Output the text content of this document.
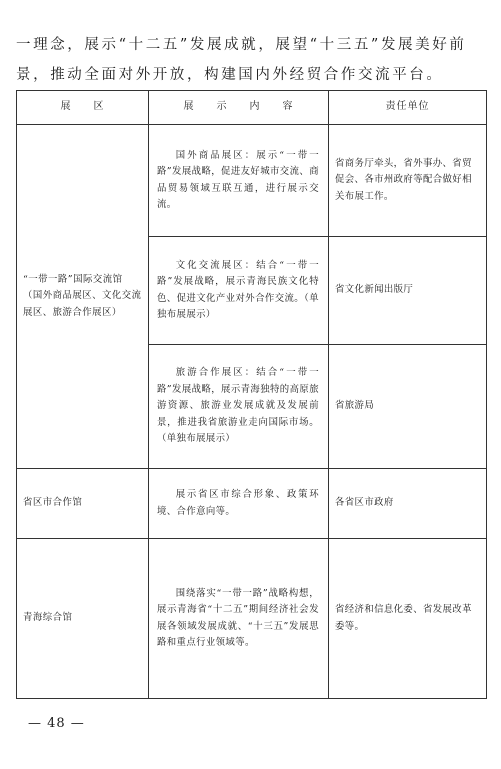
一理念，展示“十二五”发展成就，展望“十三五”发展美好前
景，推动全面对外开放，构建国内外经贸合作交流平台。
展　　区	展　　示　　内　　容	责任单位

“一带一路”国际交流馆（国外商品展区、文化交流展区、旅游合作展区）	国外商品展区：展示“一带一路”发展战略，促进友好城市交流、商品贸易领域互联互通，进行展示交流。	省商务厅牵头，省外事办、省贸促会、各市州政府等配合做好相关布展工作。

	文化交流展区：结合“一带一路”发展战略，展示青海民族文化特色、促进文化产业对外合作交流。（单独布展展示）	省文化新闻出版厅

	旅游合作展区：结合“一带一路”发展战略，展示青海独特的高原旅游资源、旅游业发展成就及发展前景，推进我省旅游业走向国际市场。（单独布展展示）	省旅游局

省区市合作馆	展示省区市综合形象、政策环境、合作意向等。	各省区市政府

青海综合馆	围绕落实“一带一路”战略构想，展示青海省“十二五”期间经济社会发展各领域发展成就、“十三五”发展思路和重点行业领域等。	省经济和信息化委、省发展改革委等。
— 48 —
